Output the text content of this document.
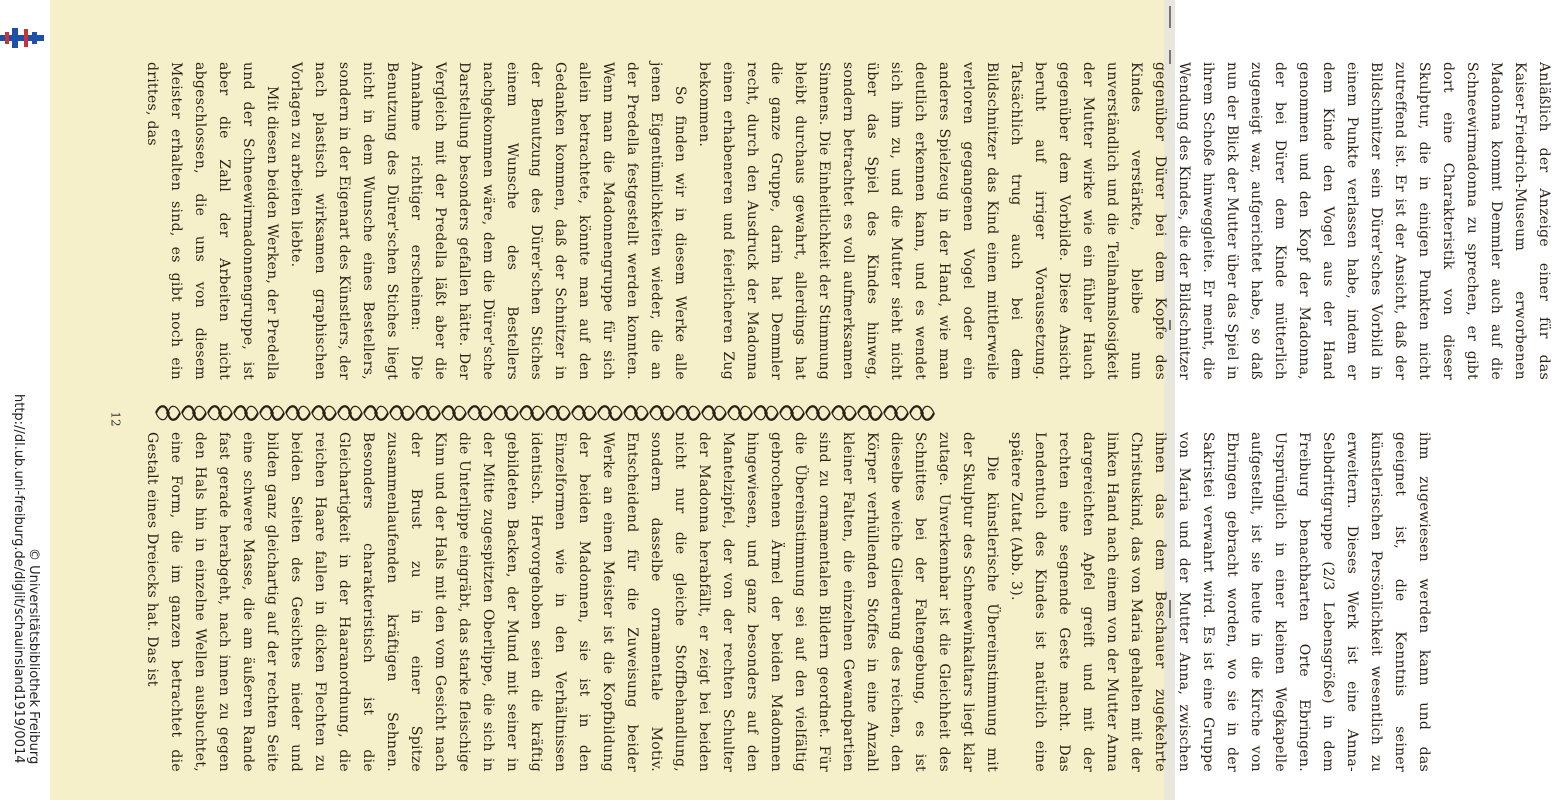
http://dl.ub.uni-freiburg.de/diglit/schauinsland1919/0014 © Universitätsbibliothek Freiburg
12

Anläßlich der Anzeige einer für das Kaiser-Friedrich-Museum erworbenen Madonna kommt Demmler auch auf die Schneewirmadonna zu sprechen, er gibt dort eine Charakteristik von dieser Skulptur, die in einigen Punkten nicht zutreffend ist. Er ist der Ansicht, daß der Bildschnitzer sein Dürer'sches Vorbild in einem Punkte verlassen habe, indem er dem Kinde den Vogel aus der Hand genommen und den Kopf der Madonna, der bei Dürer dem Kinde mütterlich zugeneigt war, aufgerichtet habe, so daß nun der Blick der Mutter über das Spiel in ihrem Schoße hinweggleite. Er meint, die Wendung des Kindes, die der Bildschnitzer gegenüber Dürer bei dem Kopfe des Kindes verstärkte, bleibe nun unverständlich und die Teilnahmslosigkeit der Mutter wirke wie ein fühler Hauch gegenüber dem Vorbilde. Diese Ansicht beruht auf irriger Voraussetzung. Tatsächlich trug auch bei dem Bildschnitzer das Kind einen mittlerweile verloren gegangenen Vogel oder ein anderes Spielzeug in der Hand, wie man deutlich erkennen kann, und es wendet sich ihm zu, und die Mutter sieht nicht über das Spiel des Kindes hinweg, sondern betrachtet es voll aufmerksamen Sinnens. Die Einheitlichkeit der Stimmung bleibt durchaus gewahrt, allerdings hat die ganze Gruppe, darin hat Demmler recht, durch den Ausdruck der Madonna einen erhabeneren und feierlicheren Zug bekommen.

So finden wir in diesem Werke alle jenen Eigentümlichkeiten wieder, die an der Predella festgestellt werden konnten. Wenn man die Madonnengruppe für sich allein betrachtete, könnte man auf den Gedanken kommen, daß der Schnitzer in der Benutzung des Dürer'schen Stiches einem Wunsche des Bestellers nachgekommen wäre, dem die Dürer'sche Darstellung besonders gefallen hätte. Der Vergleich mit der Predella läßt aber die Annahme richtiger erscheinen: Die Benutzung des Dürer'schen Stiches liegt nicht in dem Wunsche eines Bestellers, sondern in der Eigenart des Künstlers, der nach plastisch wirksamen graphischen Vorlagen zu arbeiten liebte.

Mit diesen beiden Werken, der Predella und der Schneewirmadonnengruppe, ist aber die Zahl der Arbeiten nicht abgeschlossen, die uns von diesem Meister erhalten sind, es gibt noch ein drittes, das

ihm zugewiesen werden kann und das geeignet ist, die Kenntnis seiner künstlerischen Persönlichkeit wesentlich zu erweitern. Dieses Werk ist eine Anna-Selbdrittgruppe (2/3 Lebensgröße) in dem Freiburg benachbarten Orte Ebringen. Ursprünglich in einer kleinen Wegkapelle aufgestellt, ist sie heute in die Kirche von Ebringen gebracht worden, wo sie in der Sakristei verwahrt wird. Es ist eine Gruppe von Maria und der Mutter Anna, zwischen ihnen das dem Beschauer zugekehrte Christuskind, das von Maria gehalten mit der linken Hand nach einem von der Mutter Anna dargereichten Apfel greift und mit der rechten eine segnende Geste macht. Das Lendentuch des Kindes ist natürlich eine spätere Zutat (Abb. 3).

Die künstlerische Übereinstimmung mit der Skulptur des Schneewinkaltars liegt klar zutage. Unverkennbar ist die Gleichheit des Schnittes bei der Faltengebung, es ist dieselbe weiche Gliederung des reichen, den Körper verhüllenden Stoffes in eine Anzahl kleiner Falten, die einzelnen Gewandpartien sind zu ornamentalen Bildern geordnet. Für die Übereinstimmung sei auf den vielfältig gebrochenen Ärmel der beiden Madonnen hingewiesen, und ganz besonders auf den Mantelzipfel, der von der rechten Schulter der Madonna herabfällt, er zeigt bei beiden nicht nur die gleiche Stoffbehandlung, sondern dasselbe ornamentale Motiv. Entscheidend für die Zuweisung beider Werke an einen Meister ist die Kopfbildung der beiden Madonnen, sie ist in den Einzelformen wie in den Verhältnissen identisch. Hervorgehoben seien die kräftig gebildeten Backen, der Mund mit seiner in der Mitte zugespitzten Oberlippe, die sich in die Unterlippe eingräbt, das starke fleischige Kinn und der Hals mit den vom Gesicht nach der Brust zu in einer Spitze zusammenlaufenden kräftigen Sehnen. Besonders charakteristisch ist die Gleichartigkeit in der Haaranordnung, die reichen Haare fallen in dicken Flechten zu beiden Seiten des Gesichtes nieder und bilden ganz gleichartig auf der rechten Seite eine schwere Masse, die am äußeren Rande fast gerade herabgeht, nach innen zu gegen den Hals hin in einzelne Wellen ausbuchtet, eine Form, die im ganzen betrachtet die Gestalt eines Dreiecks hat. Das ist
